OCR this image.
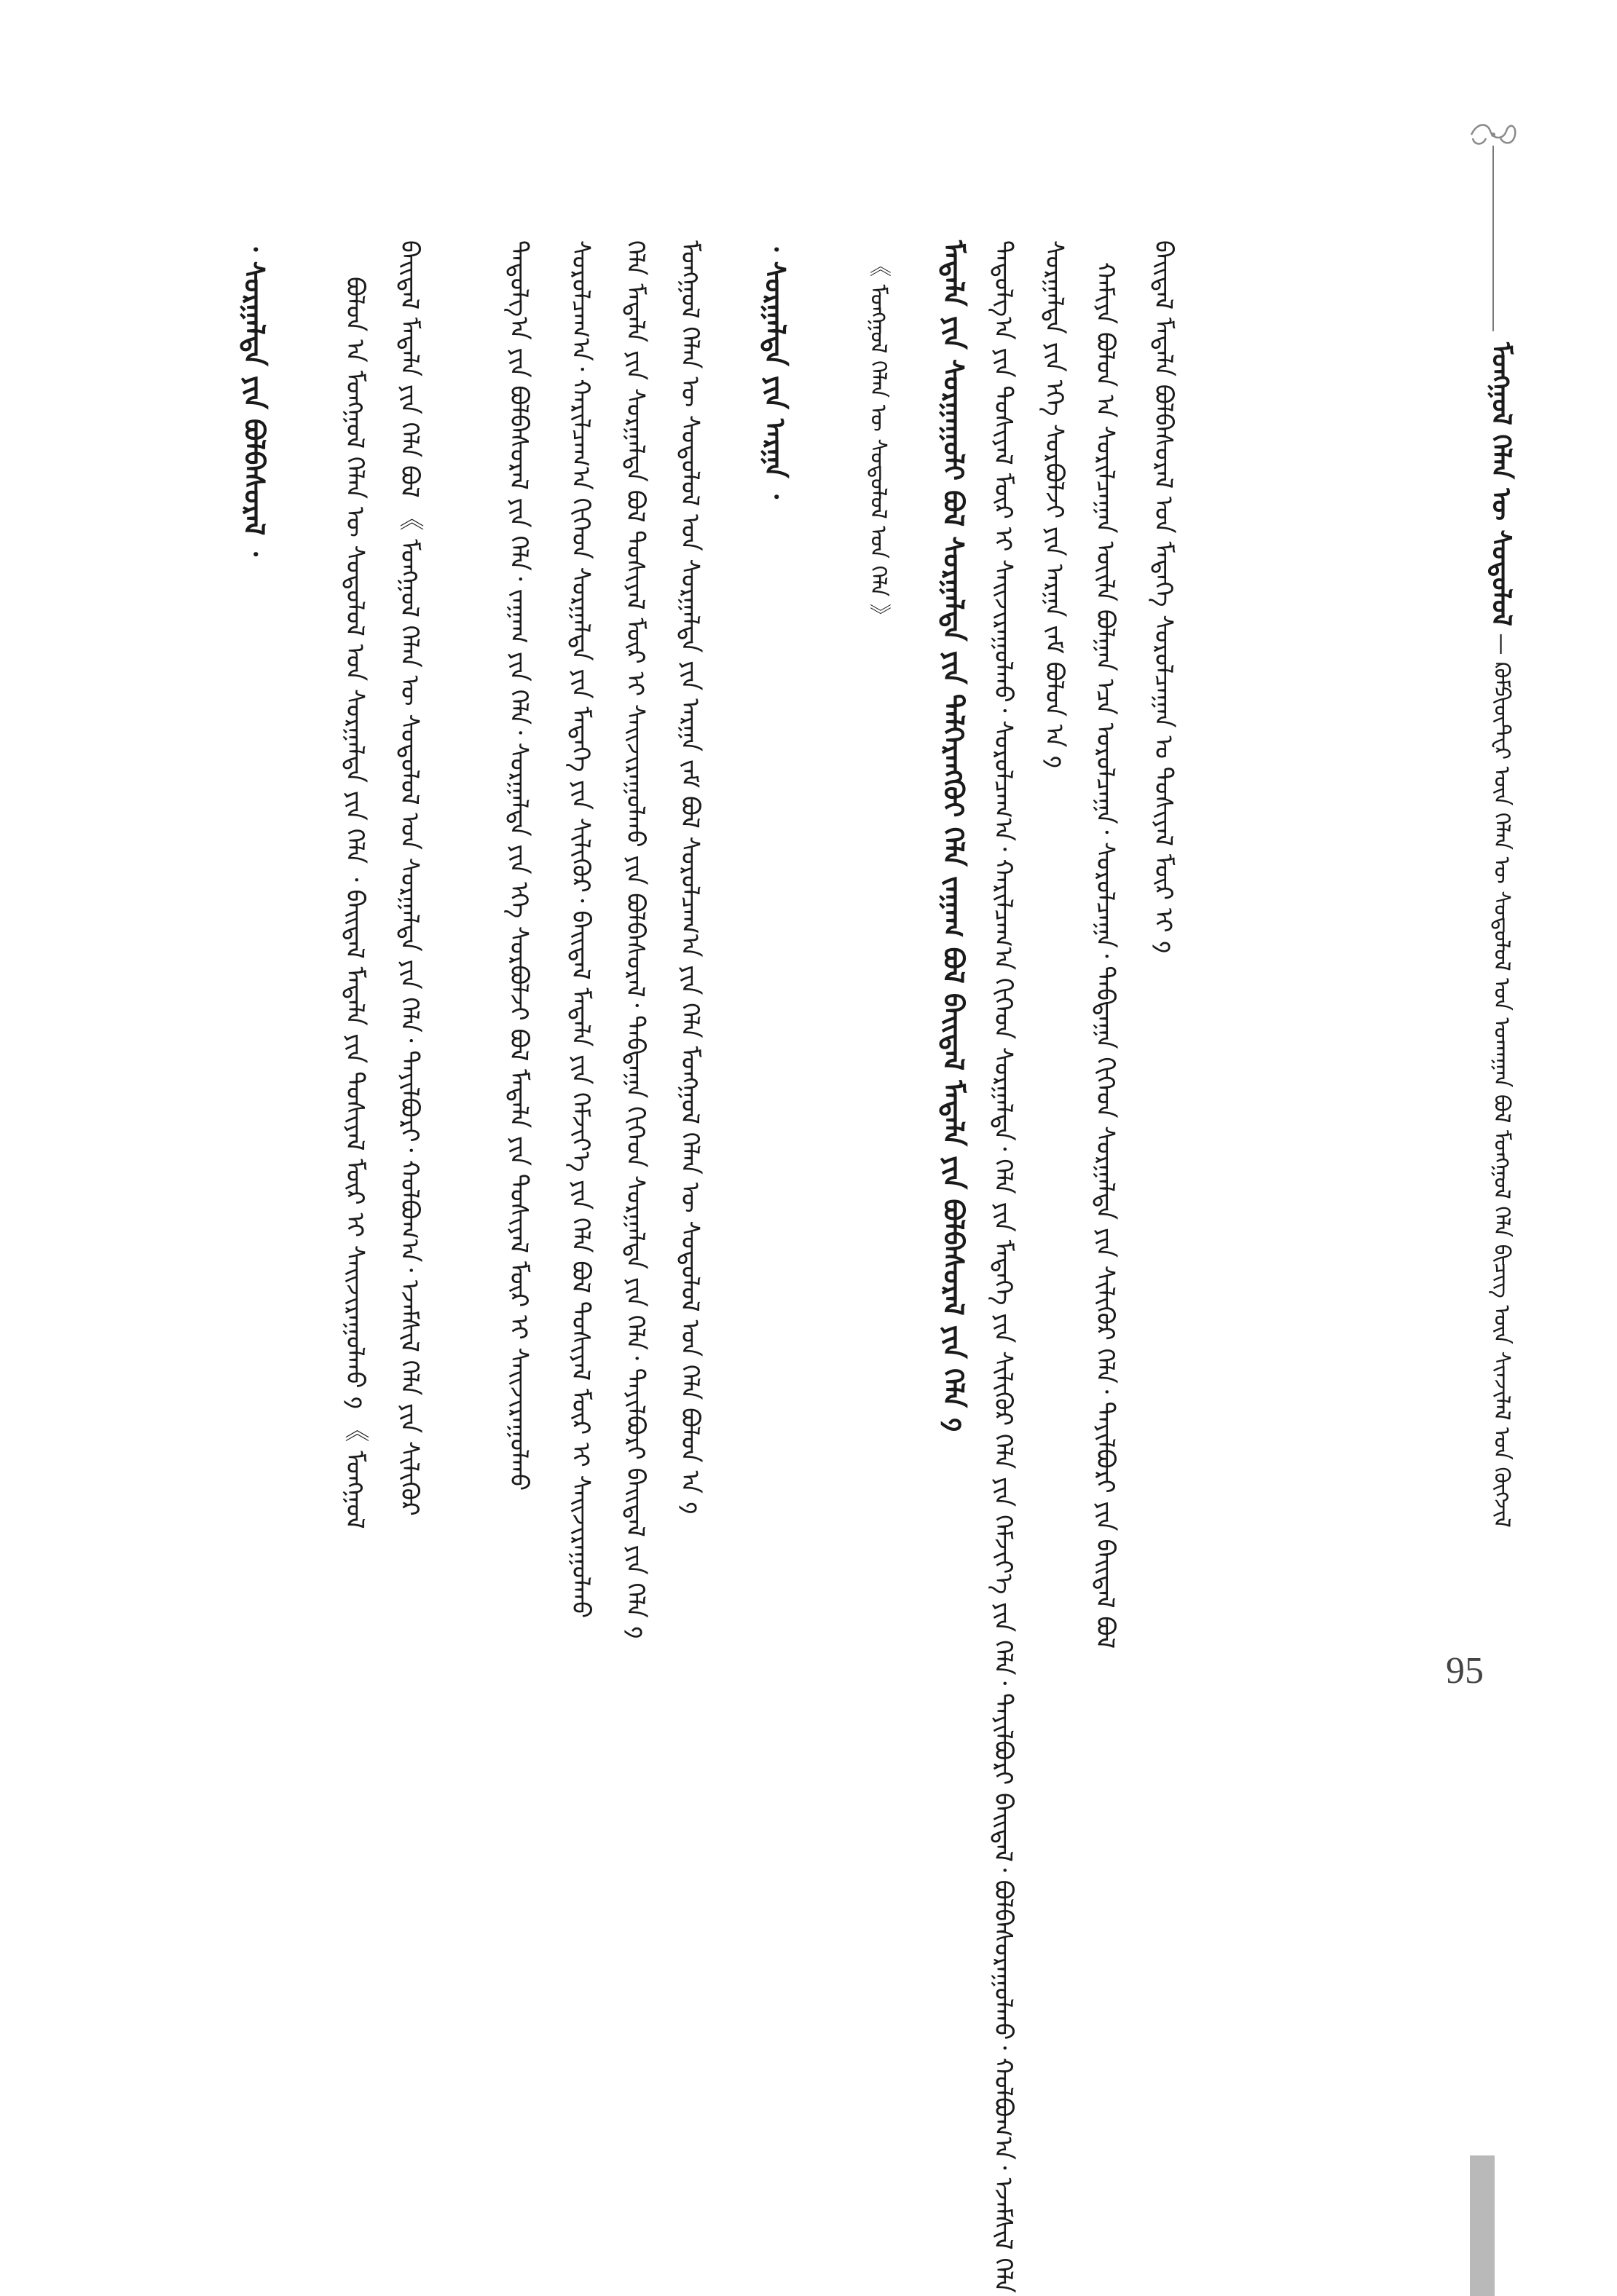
ᠮᠣᠩᠭᠣᠯ ᠬᠡᠯᠡᠨ ᠦ ᠰᠤᠳᠤᠯᠤᠯ — ᠺᠣᠮᠫᠢᠦ᠋ᠲ᠋ᠧᠷ ᠦᠨ ᠬᠡᠯᠡᠨ ᠦ ᠰᠤᠳᠤᠯᠤᠯ ᠤᠨ ᠤᠬᠠᠭᠠᠨ ᠪᠣᠯ ᠮᠣᠩᠭᠣᠯ ᠬᠡᠯᠡ ᠪᠢᠴᠢᠭ ᠦᠨ ᠰᠢᠨᠵᠢᠯᠡᠯ ᠤᠨ ᠬᠥᠭᠵᠢᠯ
ᠪᠠᠢᠳᠠᠯ ᠮᠡᠳᠡᠯᠡ ᠪᠣᠯᠪᠠᠰᠤᠷᠠᠯ ᠤᠨ ᠮᠡᠳᠡᠭᠡ ᠰᠤᠷᠤᠯᠴᠠᠭᠠᠨ ᠤ ᠲᠤᠰᠢᠶᠠᠯ ᠮᠥᠷ ᠢ ᠀
ᠬᠠᠮᠢᠶᠠ ᠪᠣᠯᠤᠨ ᠠ ᠰᠣᠷᠢᠯᠴᠠᠭᠠᠨ ᠦᠢᠯᠡ ᠪᠣᠯᠭᠠᠨ ᠡᠴᠡ ᠣᠷᠣᠯᠴᠠᠭᠠ᠂ ᠰᠤᠷᠤᠯᠴᠠᠭᠠ᠂ ᠳᠠᠪᠲᠠᠭᠠ ᠬᠢᠭᠡᠳ ᠰᠤᠷᠭᠠᠯᠲᠠ ᠶᠢᠨ ᠰᠢᠯᠢᠭᠦᠷ ᠬᠡᠯᠡ᠂ ᠲᠠᠶᠢᠯᠪᠤᠷᠢ ᠶᠢᠨ ᠪᠠᠢᠳᠠᠯ ᠪᠣᠯ
ᠰᠤᠷᠭᠠᠯᠲᠠ ᠶᠢᠨ ᠡᠬᠡ ᠰᠤᠷᠪᠤᠯᠵᠢ ᠶᠢᠨ ᠠᠷᠭᠠ ᠵᠠᠮ ᠪᠣᠯᠤᠨ ᠠ ᠀
ᠳᠠᠳᠤᠯᠭ᠎ᠠ ᠶᠢᠨ ᠲᠤᠰᠢᠶᠠᠯ ᠮᠥᠷ ᠢ ᠰᠠᠢᠵᠢᠷᠠᠭᠤᠯᠬᠤ᠂ ᠰᠤᠷᠤᠯᠴᠠᠭ᠎ᠠ᠂ ᠬᠠᠷᠢᠯᠴᠠᠭ᠎ᠠ ᠬᠢᠭᠡᠳ ᠰᠤᠷᠭᠠᠯᠲᠠ᠂ ᠬᠡᠯᠡ ᠶᠢᠨ ᠮᠡᠳᠡᠭᠡ ᠶᠢᠨ ᠰᠢᠯᠢᠭᠦᠷ ᠬᠡᠯᠡ ᠶᠢᠨ ᠬᠡᠮᠵᠢᠶ᠎ᠡ ᠶᠢᠨ ᠬᠡᠯᠡ᠂ ᠲᠠᠶᠢᠯᠪᠤᠷᠢ ᠪᠠᠢᠳᠠᠯ᠂ ᠪᠣᠯᠪᠠᠰᠤᠷᠠᠭᠤᠯᠬᠤ᠂ ᠬᠣᠯᠪᠣᠭ᠎ᠠ᠂ ᠡᠵᠡᠮᠰᠢᠯ ᠬᠡᠯᠡ
ᠮᠡᠳᠡᠯᠡ ᠶᠢᠨ ᠰᠤᠷᠭᠠᠭᠤᠯᠢ ᠪᠣᠯ ᠰᠤᠷᠭᠠᠯᠲᠠ ᠶᠢᠨ ᠳᠡᠯᠭᠡᠷᠡᠩᠭᠦᠢ ᠬᠡᠯᠡ ᠵᠠᠭᠠᠭ ᠪᠣᠯ ᠪᠠᠢᠳᠠᠯ ᠮᠡᠳᠡᠯᠡ ᠶᠢᠨ ᠪᠣᠯᠪᠠᠰᠤᠷᠠᠯ ᠶᠢᠨ ᠬᠡᠯᠡ ᠀
《 ᠮᠣᠩᠭᠣᠯ ᠬᠡᠯᠡᠨ ᠦ ᠰᠤᠳᠤᠯᠤᠯ ᠤᠨ ᠬᠡᠯᠡ 》
᠂ ᠰᠤᠷᠭᠠᠯᠲᠠ ᠶᠢᠨ ᠠᠷᠭᠠ ᠂
ᠮᠣᠩᠭᠣᠯ ᠬᠡᠯᠡᠨ ᠦ ᠰᠤᠳᠤᠯᠤᠯ ᠤᠨ ᠰᠤᠷᠭᠠᠯᠲᠠ ᠶᠢᠨ ᠠᠷᠭᠠ ᠵᠠᠮ ᠪᠣᠯ ᠰᠤᠷᠤᠯᠴᠠᠭ᠎ᠠ ᠶᠢᠨ ᠬᠡᠯᠡ ᠮᠣᠩᠭᠣᠯ ᠬᠡᠯᠡᠨ ᠦ ᠰᠤᠳᠤᠯᠤᠯ ᠤᠨ ᠬᠡᠯᠡ ᠪᠣᠯᠤᠨ ᠠ ᠀
ᠬᠡᠯᠡ ᠮᠡᠳᠡᠯᠡ ᠶᠢᠨ ᠰᠤᠷᠭᠠᠯᠲᠠ ᠪᠣᠯ ᠲᠤᠰᠢᠶᠠᠯ ᠮᠥᠷ ᠢ ᠰᠠᠢᠵᠢᠷᠠᠭᠤᠯᠬᠤ ᠶᠢᠨ ᠪᠣᠯᠪᠠᠰᠤᠷᠠᠯ᠂ ᠳᠠᠪᠲᠠᠭᠠ ᠬᠢᠭᠡᠳ ᠰᠤᠷᠭᠠᠯᠲᠠ ᠶᠢᠨ ᠬᠡᠯᠡ᠂ ᠲᠠᠶᠢᠯᠪᠤᠷᠢ ᠪᠠᠢᠳᠠᠯ ᠶᠢᠨ ᠬᠡᠯᠡ ᠀
ᠰᠤᠷᠤᠯᠴᠠᠭ᠎ᠠ᠂ ᠬᠠᠷᠢᠯᠴᠠᠭ᠎ᠠ ᠬᠢᠭᠡᠳ ᠰᠤᠷᠭᠠᠯᠲᠠ ᠶᠢᠨ ᠮᠡᠳᠡᠭᠡ ᠶᠢᠨ ᠰᠢᠯᠢᠭᠦᠷ᠂ ᠪᠠᠢᠳᠠᠯ ᠮᠡᠳᠡᠯᠡ ᠶᠢᠨ ᠬᠡᠮᠵᠢᠶ᠎ᠡ ᠶᠢᠨ ᠬᠡᠯᠡ ᠪᠣᠯ ᠲᠤᠰᠢᠶᠠᠯ ᠮᠥᠷ ᠢ ᠰᠠᠢᠵᠢᠷᠠᠭᠤᠯᠬᠤ
ᠳᠠᠳᠤᠯᠭ᠎ᠠ ᠶᠢᠨ ᠪᠣᠯᠪᠠᠰᠤᠷᠠᠯ ᠶᠢᠨ ᠬᠡᠯᠡ᠂ ᠵᠠᠭᠠᠭ ᠶᠢᠨ ᠬᠡᠯᠡ᠂ ᠰᠤᠷᠭᠠᠯᠲᠠ ᠶᠢᠨ ᠡᠬᠡ ᠰᠤᠷᠪᠤᠯᠵᠢ ᠪᠣᠯ ᠮᠡᠳᠡᠯᠡ ᠶᠢᠨ ᠲᠤᠰᠢᠶᠠᠯ ᠮᠥᠷ ᠢ ᠰᠠᠢᠵᠢᠷᠠᠭᠤᠯᠬᠤ
ᠪᠠᠢᠳᠠᠯ ᠮᠡᠳᠡᠯᠡ ᠶᠢᠨ ᠬᠡᠯᠡ ᠪᠣᠯ 《 ᠮᠣᠩᠭᠣᠯ ᠬᠡᠯᠡᠨ ᠦ ᠰᠤᠳᠤᠯᠤᠯ ᠤᠨ ᠰᠤᠷᠭᠠᠯᠲᠠ ᠶᠢᠨ ᠬᠡᠯᠡ᠂ ᠲᠠᠶᠢᠯᠪᠤᠷᠢ᠂ ᠬᠣᠯᠪᠣᠭ᠎ᠠ᠂ ᠡᠵᠡᠮᠰᠢᠯ ᠬᠡᠯᠡ ᠶᠢᠨ ᠰᠢᠯᠢᠭᠦᠷ
ᠪᠣᠯᠤᠨ ᠠ ᠮᠣᠩᠭᠣᠯ ᠬᠡᠯᠡᠨ ᠦ ᠰᠤᠳᠤᠯᠤᠯ ᠤᠨ ᠰᠤᠷᠭᠠᠯᠲᠠ ᠶᠢᠨ ᠬᠡᠯᠡ ᠂ ᠪᠠᠢᠳᠠᠯ ᠮᠡᠳᠡᠯᠡ ᠶᠢᠨ ᠲᠤᠰᠢᠶᠠᠯ ᠮᠥᠷ ᠢ ᠰᠠᠢᠵᠢᠷᠠᠭᠤᠯᠬᠤ ᠀ 《 ᠮᠣᠩᠭᠣᠯ
᠂ ᠰᠤᠷᠭᠠᠯᠲᠠ ᠶᠢᠨ ᠪᠣᠯᠪᠠᠰᠤᠷᠠᠯ ᠂
95
